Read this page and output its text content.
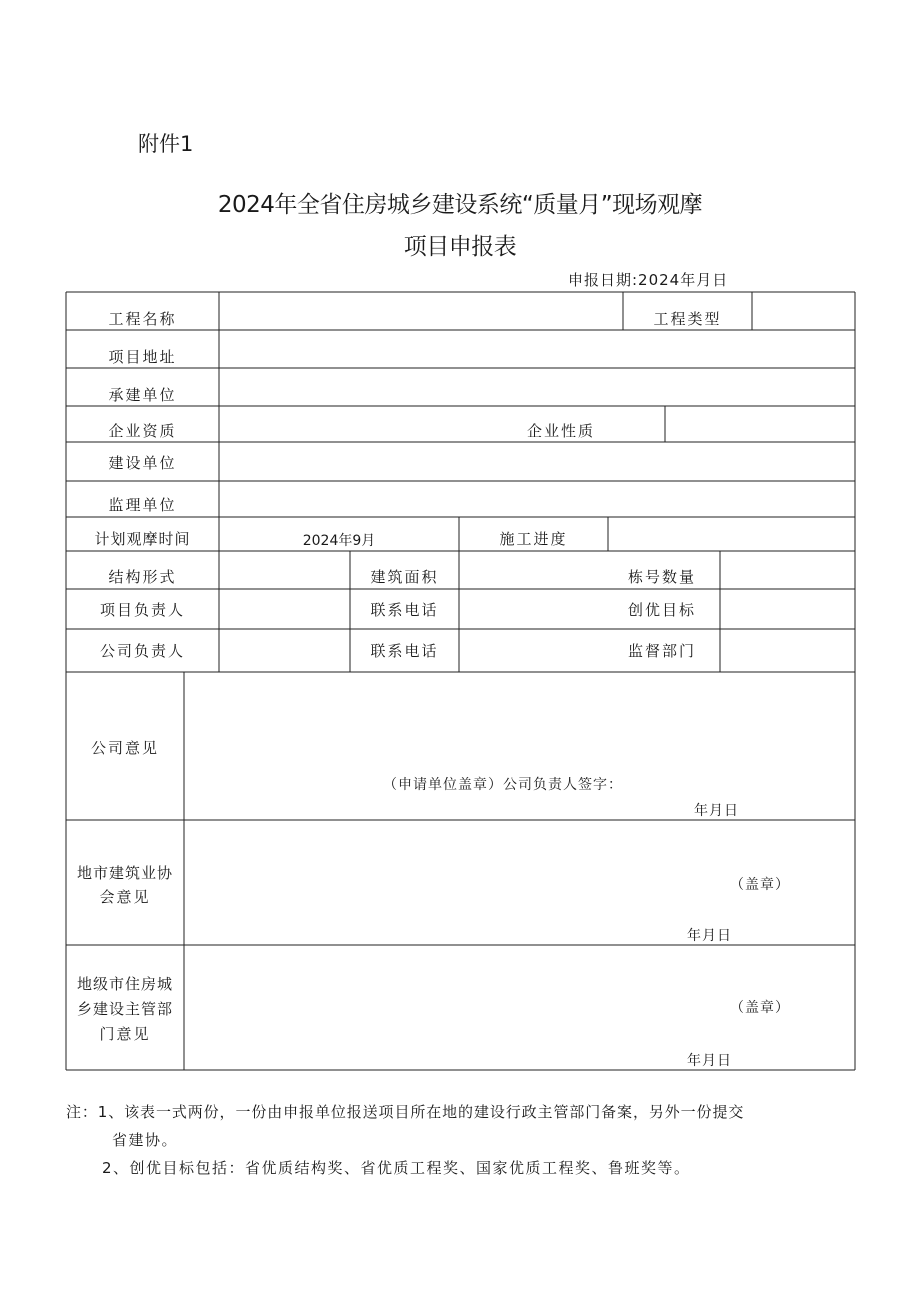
附件1
2024年全省住房城乡建设系统“质量月”现场观摩
项目申报表
申报日期:2024年月日
工程名称	工程类型
项目地址
承建单位
企业资质	企业性质
建设单位
监理单位
计划观摩时间	2024年9月	施工进度
结构形式	建筑面积	栋号数量
项目负责人	联系电话	创优目标
公司负责人	联系电话	监督部门
公司意见
（申请单位盖章）公司负责人签字：
年月日
地市建筑业协
会意见
（盖章）
年月日
地级市住房城
乡建设主管部
门意见
（盖章）
年月日
注：1、该表一式两份，一份由申报单位报送项目所在地的建设行政主管部门备案，另外一份提交
省建协。
2、创优目标包括：省优质结构奖、省优质工程奖、国家优质工程奖、鲁班奖等。
